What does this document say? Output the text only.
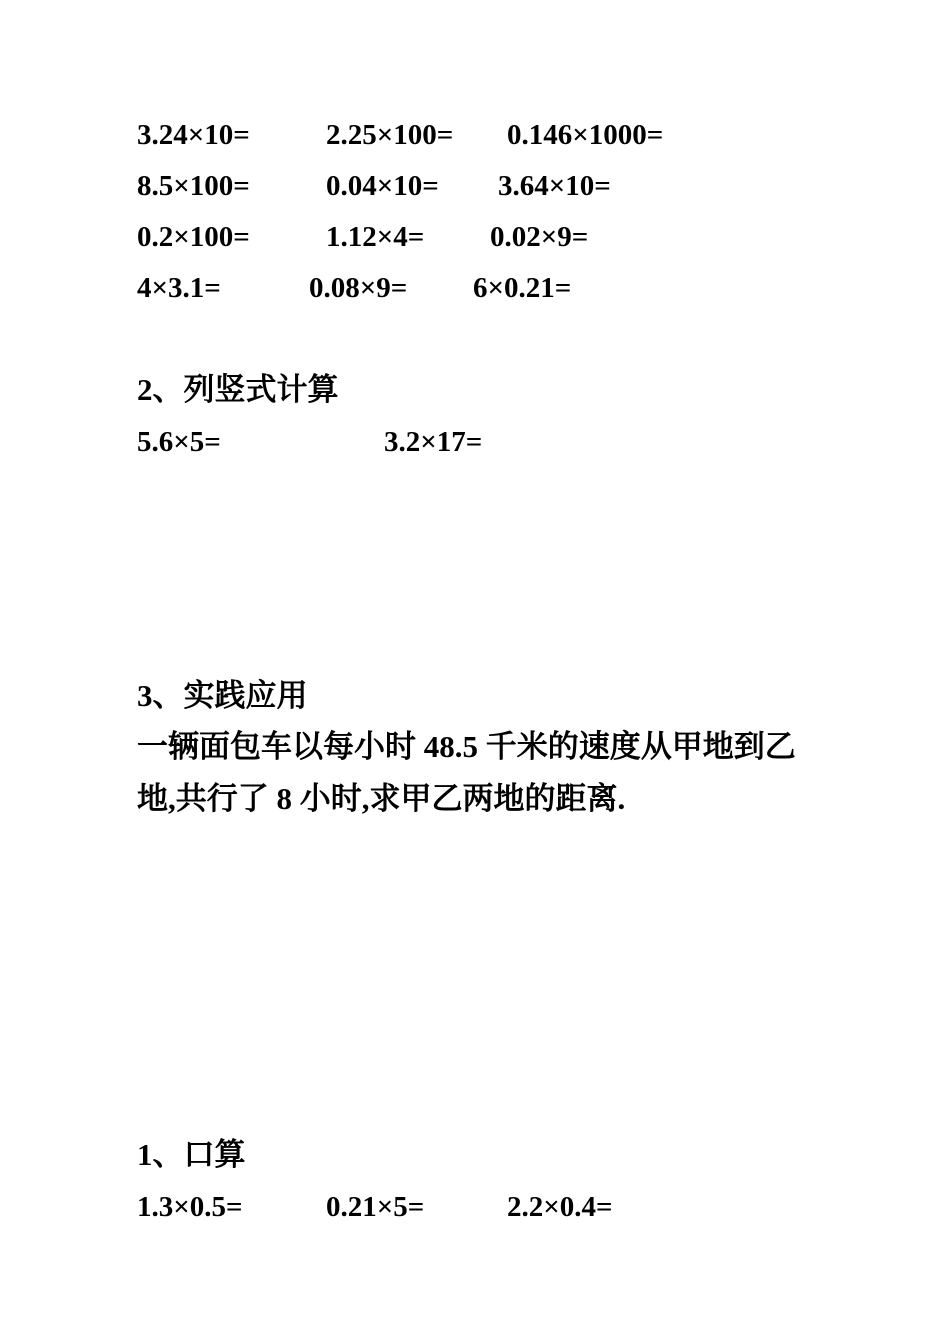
3.24×10=	2.25×100= 0.146×1000=
8.5×100=	0.04×10= 3.64×10=
0.2×100=	1.12×4= 0.02×9=
4×3.1=	0.08×9= 6×0.21=
2、列竖式计算
5.6×5=	3.2×17=
3、实践应用
一辆面包车以每小时 48.5 千米的速度从甲地到乙
地,共行了 8 小时,求甲乙两地的距离.
1、口算
1.3×0.5=	0.21×5=	2.2×0.4=
